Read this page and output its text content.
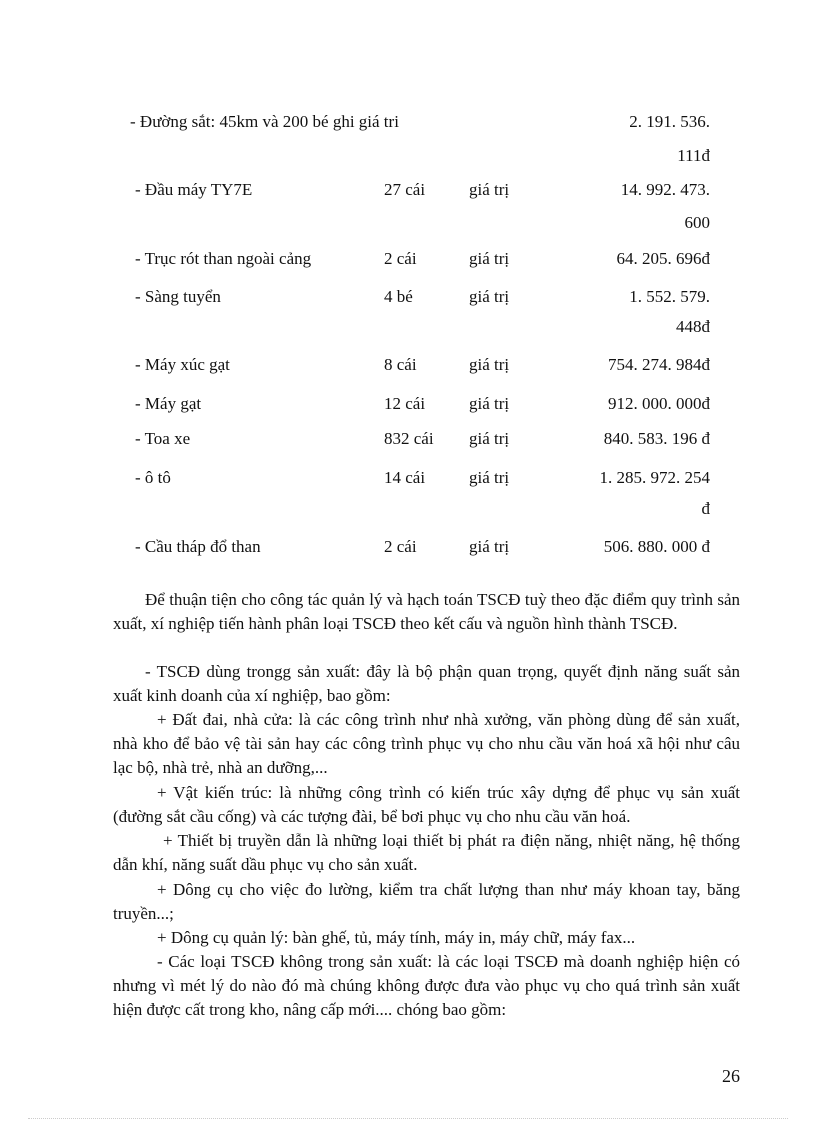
- Đường sắt: 45km và 200 bé ghi giá tri	2. 191. 536.
111đ
- Đầu máy TY7E	27 cái	giá trị	14. 992. 473.
600
- Trục rót than ngoài cảng	2 cái	giá trị	64. 205. 696đ
- Sàng tuyển	4 bé	giá trị	1. 552. 579.
448đ
- Máy xúc gạt	8 cái	giá trị	754. 274. 984đ
- Máy gạt	12 cái	giá trị	912. 000. 000đ
- Toa xe	832 cái giá trị	840. 583. 196 đ
- ô tô	14 cái	giá trị	1. 285. 972. 254
đ
- Cầu tháp đổ than	2 cái	giá trị	506. 880. 000 đ

Để thuận tiện cho công tác quản lý và hạch toán TSCĐ tuỳ theo đặc điểm quy trình sản xuất, xí nghiệp tiến hành phân loại TSCĐ theo kết cấu và nguồn hình thành TSCĐ.

- TSCĐ dùng trongg sản xuất: đây là bộ phận quan trọng, quyết định năng suất sản xuất kinh doanh của xí nghiệp, bao gồm:

+ Đất đai, nhà cửa: là các công trình như nhà xưởng, văn phòng dùng để sản xuất, nhà kho để bảo vệ tài sản hay các công trình phục vụ cho nhu cầu văn hoá xã hội như câu lạc bộ, nhà trẻ, nhà an dưỡng,...

+ Vật kiến trúc: là những công trình có kiến trúc xây dựng để phục vụ sản xuất (đường sắt cầu cống) và các tượng đài, bể bơi phục vụ cho nhu cầu văn hoá.

+ Thiết bị truyền dẫn là những loại thiết bị phát ra điện năng, nhiệt năng, hệ thống dẫn khí, năng suất dầu phục vụ cho sản xuất.

+ Dông cụ cho việc đo lường, kiểm tra chất lượng than như máy khoan tay, băng truyền...;

+ Dông cụ quản lý: bàn ghế, tủ, máy tính, máy in, máy chữ, máy fax...

- Các loại TSCĐ không trong sản xuất: là các loại TSCĐ mà doanh nghiệp hiện có nhưng vì mét lý do nào đó mà chúng không được đưa vào phục vụ cho quá trình sản xuất hiện được cất trong kho, nâng cấp mới.... chóng bao gồm:

26
